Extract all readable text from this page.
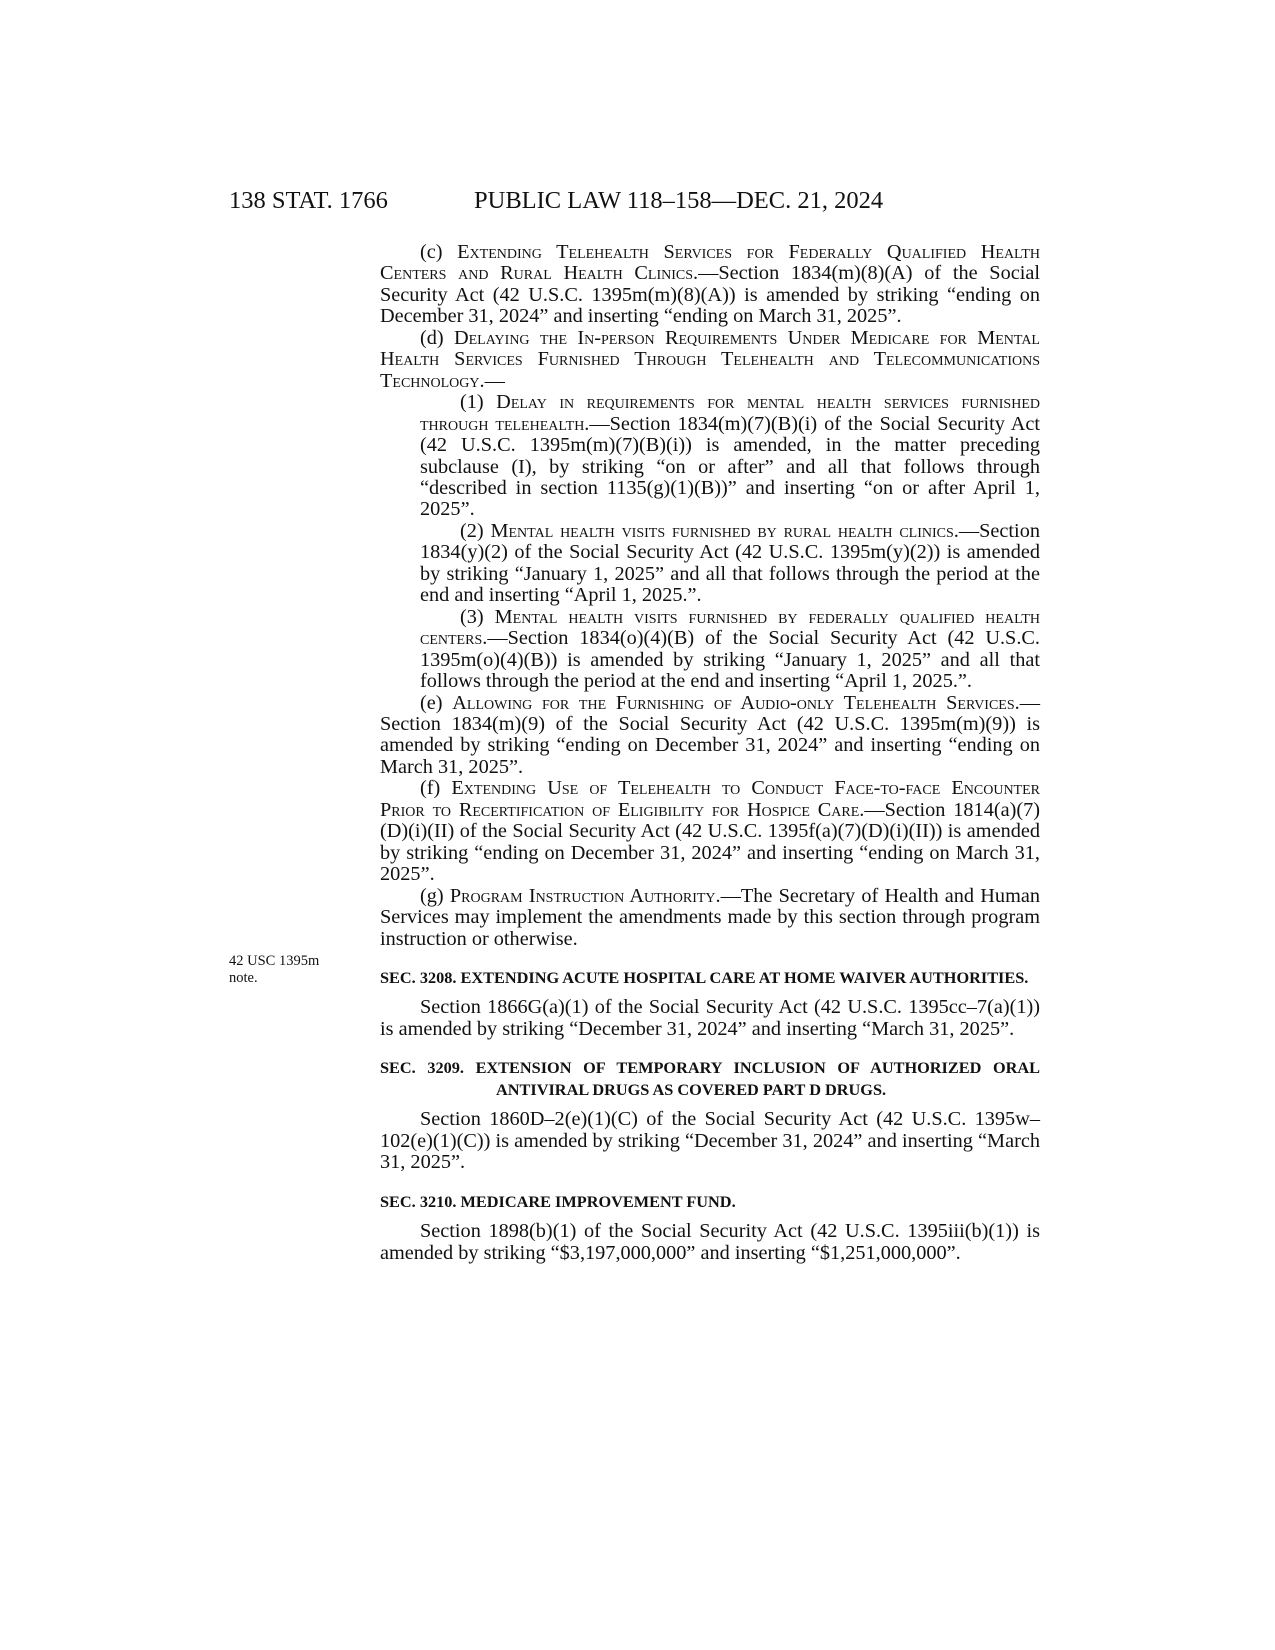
138 STAT. 1766	PUBLIC LAW 118–158—DEC. 21, 2024
42 USC 1395m
note.

(c) Extending Telehealth Services for Federally Qualified Health Centers and Rural Health Clinics.—Section 1834(m)(8)(A) of the Social Security Act (42 U.S.C. 1395m(m)(8)(A)) is amended by striking “ending on December 31, 2024” and inserting “ending on March 31, 2025”.

(d) Delaying the In-person Requirements Under Medicare for Mental Health Services Furnished Through Telehealth and Telecommunications Technology.—

(1) Delay in requirements for mental health services furnished through telehealth.—Section 1834(m)(7)(B)(i) of the Social Security Act (42 U.S.C. 1395m(m)(7)(B)(i)) is amended, in the matter preceding subclause (I), by striking “on or after” and all that follows through “described in section 1135(g)(1)(B))” and inserting “on or after April 1, 2025”.

(2) Mental health visits furnished by rural health clinics.—Section 1834(y)(2) of the Social Security Act (42 U.S.C. 1395m(y)(2)) is amended by striking “January 1, 2025” and all that follows through the period at the end and inserting “April 1, 2025.”.

(3) Mental health visits furnished by federally qualified health centers.—Section 1834(o)(4)(B) of the Social Security Act (42 U.S.C. 1395m(o)(4)(B)) is amended by striking “January 1, 2025” and all that follows through the period at the end and inserting “April 1, 2025.”.

(e) Allowing for the Furnishing of Audio-only Telehealth Services.—Section 1834(m)(9) of the Social Security Act (42 U.S.C. 1395m(m)(9)) is amended by striking “ending on December 31, 2024” and inserting “ending on March 31, 2025”.

(f) Extending Use of Telehealth to Conduct Face-to-face Encounter Prior to Recertification of Eligibility for Hospice Care.—Section 1814(a)(7)(D)(i)(II) of the Social Security Act (42 U.S.C. 1395f(a)(7)(D)(i)(II)) is amended by striking “ending on December 31, 2024” and inserting “ending on March 31, 2025”.

(g) Program Instruction Authority.—The Secretary of Health and Human Services may implement the amendments made by this section through program instruction or otherwise.

SEC. 3208. EXTENDING ACUTE HOSPITAL CARE AT HOME WAIVER AUTHORITIES.

Section 1866G(a)(1) of the Social Security Act (42 U.S.C. 1395cc–7(a)(1)) is amended by striking “December 31, 2024” and inserting “March 31, 2025”.

SEC. 3209. EXTENSION OF TEMPORARY INCLUSION OF AUTHORIZED ORAL ANTIVIRAL DRUGS AS COVERED PART D DRUGS.

Section 1860D–2(e)(1)(C) of the Social Security Act (42 U.S.C. 1395w–102(e)(1)(C)) is amended by striking “December 31, 2024” and inserting “March 31, 2025”.

SEC. 3210. MEDICARE IMPROVEMENT FUND.

Section 1898(b)(1) of the Social Security Act (42 U.S.C. 1395iii(b)(1)) is amended by striking “$3,197,000,000” and inserting “$1,251,000,000”.
